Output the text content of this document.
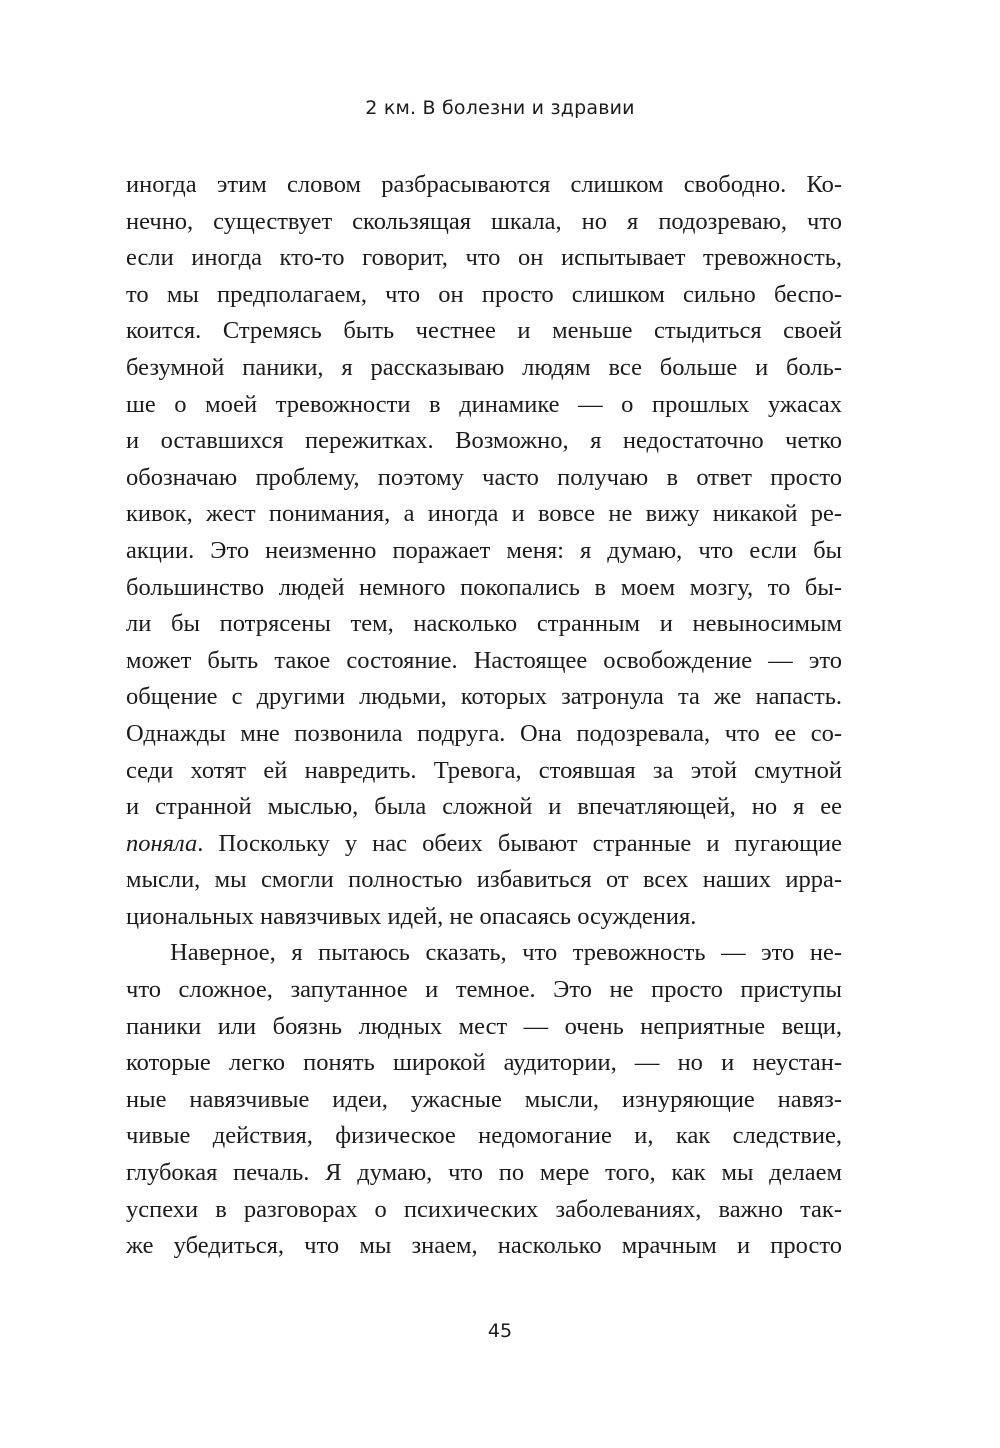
2 км. В болезни и здравии
иногда этим словом разбрасываются слишком свободно. Ко-
нечно, существует скользящая шкала, но я подозреваю, что
если иногда кто-то говорит, что он испытывает тревожность,
то мы предполагаем, что он просто слишком сильно беспо-
коится. Стремясь быть честнее и меньше стыдиться своей
безумной паники, я рассказываю людям все больше и боль-
ше о моей тревожности в динамике — о прошлых ужасах
и оставшихся пережитках. Возможно, я недостаточно четко
обозначаю проблему, поэтому часто получаю в ответ просто
кивок, жест понимания, а иногда и вовсе не вижу никакой ре-
акции. Это неизменно поражает меня: я думаю, что если бы
большинство людей немного покопались в моем мозгу, то бы-
ли бы потрясены тем, насколько странным и невыносимым
может быть такое состояние. Настоящее освобождение — это
общение с другими людьми, которых затронула та же напасть.
Однажды мне позвонила подруга. Она подозревала, что ее со-
седи хотят ей навредить. Тревога, стоявшая за этой смутной
и странной мыслью, была сложной и впечатляющей, но я ее
поняла. Поскольку у нас обеих бывают странные и пугающие
мысли, мы смогли полностью избавиться от всех наших ирра-
циональных навязчивых идей, не опасаясь осуждения.
Наверное, я пытаюсь сказать, что тревожность — это не-
что сложное, запутанное и темное. Это не просто приступы
паники или боязнь людных мест — очень неприятные вещи,
которые легко понять широкой аудитории, — но и неустан-
ные навязчивые идеи, ужасные мысли, изнуряющие навяз-
чивые действия, физическое недомогание и, как следствие,
глубокая печаль. Я думаю, что по мере того, как мы делаем
успехи в разговорах о психических заболеваниях, важно так-
же убедиться, что мы знаем, насколько мрачным и просто
45
